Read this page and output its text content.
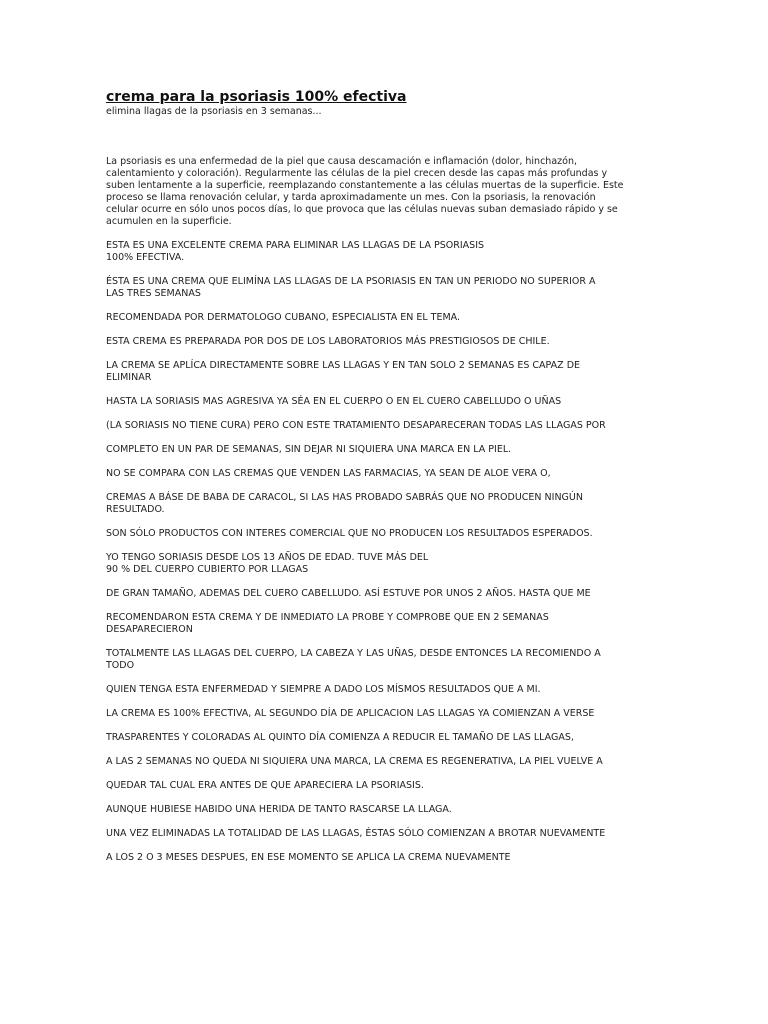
crema para la psoriasis 100% efectiva

elimina llagas de la psoriasis en 3 semanas...

La psoriasis es una enfermedad de la piel que causa descamación e inflamación (dolor, hinchazón,
calentamiento y coloración). Regularmente las células de la piel crecen desde las capas más profundas y
suben lentamente a la superficie, reemplazando constantemente a las células muertas de la superficie. Este
proceso se llama renovación celular, y tarda aproximadamente un mes. Con la psoriasis, la renovación
celular ocurre en sólo unos pocos días, lo que provoca que las células nuevas suban demasiado rápido y se
acumulen en la superficie.

ESTA ES UNA EXCELENTE CREMA PARA ELIMINAR LAS LLAGAS DE LA PSORIASIS
100% EFECTIVA.

ÉSTA ES UNA CREMA QUE ELIMÍNA LAS LLAGAS DE LA PSORIASIS EN TAN UN PERIODO NO SUPERIOR A
LAS TRES SEMANAS

RECOMENDADA POR DERMATOLOGO CUBANO, ESPECIALISTA EN EL TEMA.

ESTA CREMA ES PREPARADA POR DOS DE LOS LABORATORIOS MÁS PRESTIGIOSOS DE CHILE.

LA CREMA SE APLÍCA DIRECTAMENTE SOBRE LAS LLAGAS Y EN TAN SOLO 2 SEMANAS ES CAPAZ DE
ELIMINAR

HASTA LA SORIASIS MAS AGRESIVA YA SÉA EN EL CUERPO O EN EL CUERO CABELLUDO O UÑAS

(LA SORIASIS NO TIENE CURA) PERO CON ESTE TRATAMIENTO DESAPARECERAN TODAS LAS LLAGAS POR

COMPLETO EN UN PAR DE SEMANAS, SIN DEJAR NI SIQUIERA UNA MARCA EN LA PIEL.

NO SE COMPARA CON LAS CREMAS QUE VENDEN LAS FARMACIAS, YA SEAN DE ALOE VERA O,

CREMAS A BÁSE DE BABA DE CARACOL, SI LAS HAS PROBADO SABRÁS QUE NO PRODUCEN NINGÚN
RESULTADO.

SON SÓLO PRODUCTOS CON INTERES COMERCIAL QUE NO PRODUCEN LOS RESULTADOS ESPERADOS.

YO TENGO SORIASIS DESDE LOS 13 AÑOS DE EDAD. TUVE MÁS DEL
90 % DEL CUERPO CUBIERTO POR LLAGAS

DE GRAN TAMAÑO, ADEMAS DEL CUERO CABELLUDO. ASÍ ESTUVE POR UNOS 2 AÑOS. HASTA QUE ME

RECOMENDARON ESTA CREMA Y DE INMEDIATO LA PROBE Y COMPROBE QUE EN 2 SEMANAS
DESAPARECIERON

TOTALMENTE LAS LLAGAS DEL CUERPO, LA CABEZA Y LAS UÑAS, DESDE ENTONCES LA RECOMIENDO A
TODO

QUIEN TENGA ESTA ENFERMEDAD Y SIEMPRE A DADO LOS MÍSMOS RESULTADOS QUE A MI.

LA CREMA ES 100% EFECTIVA, AL SEGUNDO DÍA DE APLICACION LAS LLAGAS YA COMIENZAN A VERSE

TRASPARENTES Y COLORADAS AL QUINTO DÍA COMIENZA A REDUCIR EL TAMAÑO DE LAS LLAGAS,

A LAS 2 SEMANAS NO QUEDA NI SIQUIERA UNA MARCA, LA CREMA ES REGENERATIVA, LA PIEL VUELVE A

QUEDAR TAL CUAL ERA ANTES DE QUE APARECIERA LA PSORIASIS.

AUNQUE HUBIESE HABIDO UNA HERIDA DE TANTO RASCARSE LA LLAGA.

UNA VEZ ELIMINADAS LA TOTALIDAD DE LAS LLAGAS, ÉSTAS SÓLO COMIENZAN A BROTAR NUEVAMENTE

A LOS 2 O 3 MESES DESPUES, EN ESE MOMENTO SE APLICA LA CREMA NUEVAMENTE
